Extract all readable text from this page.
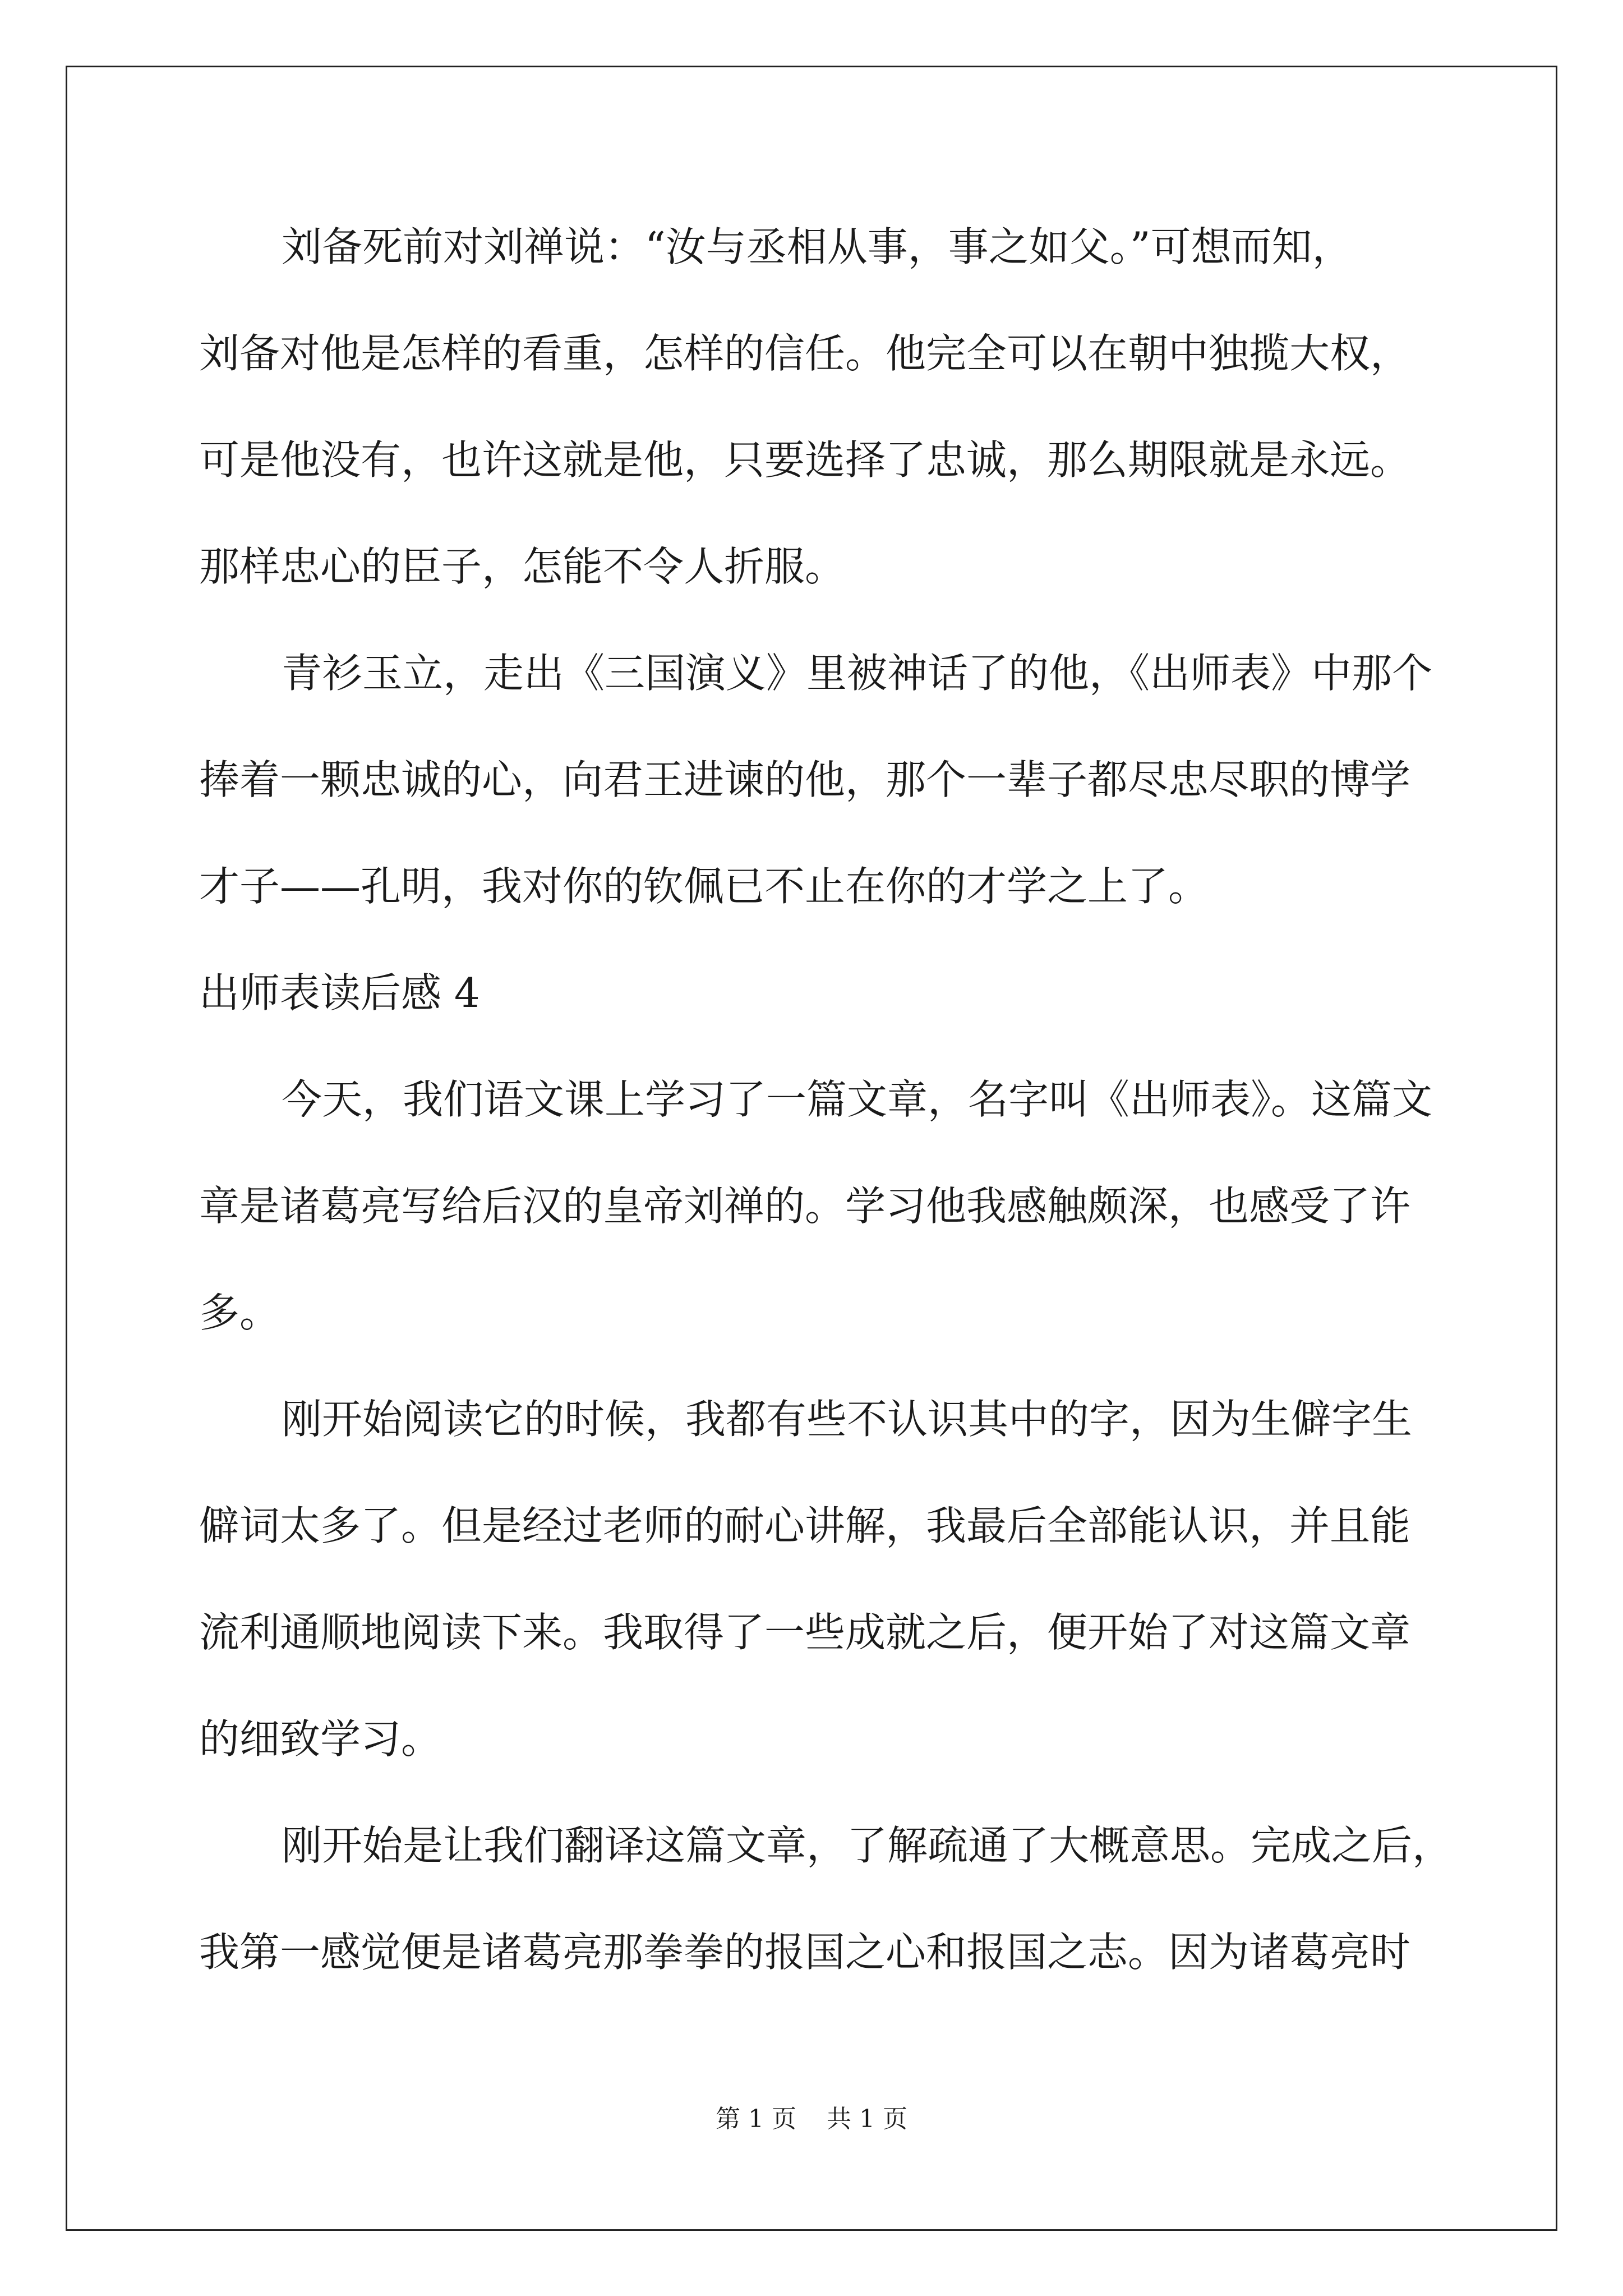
刘备死前对刘禅说：“汝与丞相从事，事之如父。”可想而知，
刘备对他是怎样的看重，怎样的信任。他完全可以在朝中独揽大权，
可是他没有，也许这就是他，只要选择了忠诚，那么期限就是永远。
那样忠心的臣子，怎能不令人折服。
青衫玉立，走出《三国演义》里被神话了的他，《出师表》中那个
捧着一颗忠诚的心，向君王进谏的他，那个一辈子都尽忠尽职的博学
才子——孔明，我对你的钦佩已不止在你的才学之上了。
出师表读后感 4
今天，我们语文课上学习了一篇文章，名字叫《出师表》。这篇文
章是诸葛亮写给后汉的皇帝刘禅的。学习他我感触颇深，也感受了许
多。
刚开始阅读它的时候，我都有些不认识其中的字，因为生僻字生
僻词太多了。但是经过老师的耐心讲解，我最后全部能认识，并且能
流利通顺地阅读下来。我取得了一些成就之后，便开始了对这篇文章
的细致学习。
刚开始是让我们翻译这篇文章，了解疏通了大概意思。完成之后，
我第一感觉便是诸葛亮那拳拳的报国之心和报国之志。因为诸葛亮时
第 1 页 共 1 页
